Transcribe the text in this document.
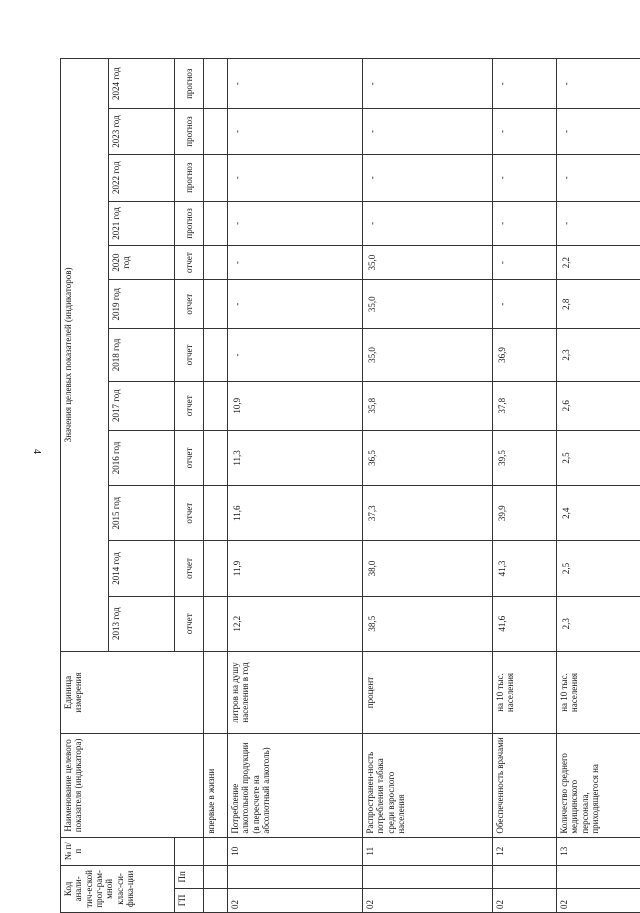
4
Код анали-тич-еской прог-рам-мной клас-си-фика-ции		№ п/п	Наименование целевого показателя (индикатора)	Единица измерения	Значения целевых показателей (индикаторов)											
					2013 год	2014 год	2015 год	2016 год	2017 год	2018 год	2019 год	2020 год	2021 год	2022 год	2023 год	2024 год
ГП	Пп				отчет	отчет	отчет	отчет	отчет	отчет	отчет	отчет	прогноз	прогноз	прогноз	прогноз
			впервые в жизни													
02		10	Потребление алкогольной продукции (в пересчете на абсолютный алкоголь)	литров на душу населения в год	12,2	11,9	11,6	11,3	10,9	-	-	-	-	-	-	-
02		11	Распространен-ность потребления табака среди взрослого населения	процент	38,5	38,0	37,3	36,5	35,8	35,0	35,0	35,0	-	-	-	-
02		12	Обеспеченность врачами	на 10 тыс. населения	41,6	41,3	39,9	39,5	37,8	36,9	-	-	-	-	-	-
02		13	Количество среднего медицинского персонала, приходящегося на	на 10 тыс. населения	2,3	2,5	2,4	2,5	2,6	2,3	2,8	2,2	-	-	-	-
